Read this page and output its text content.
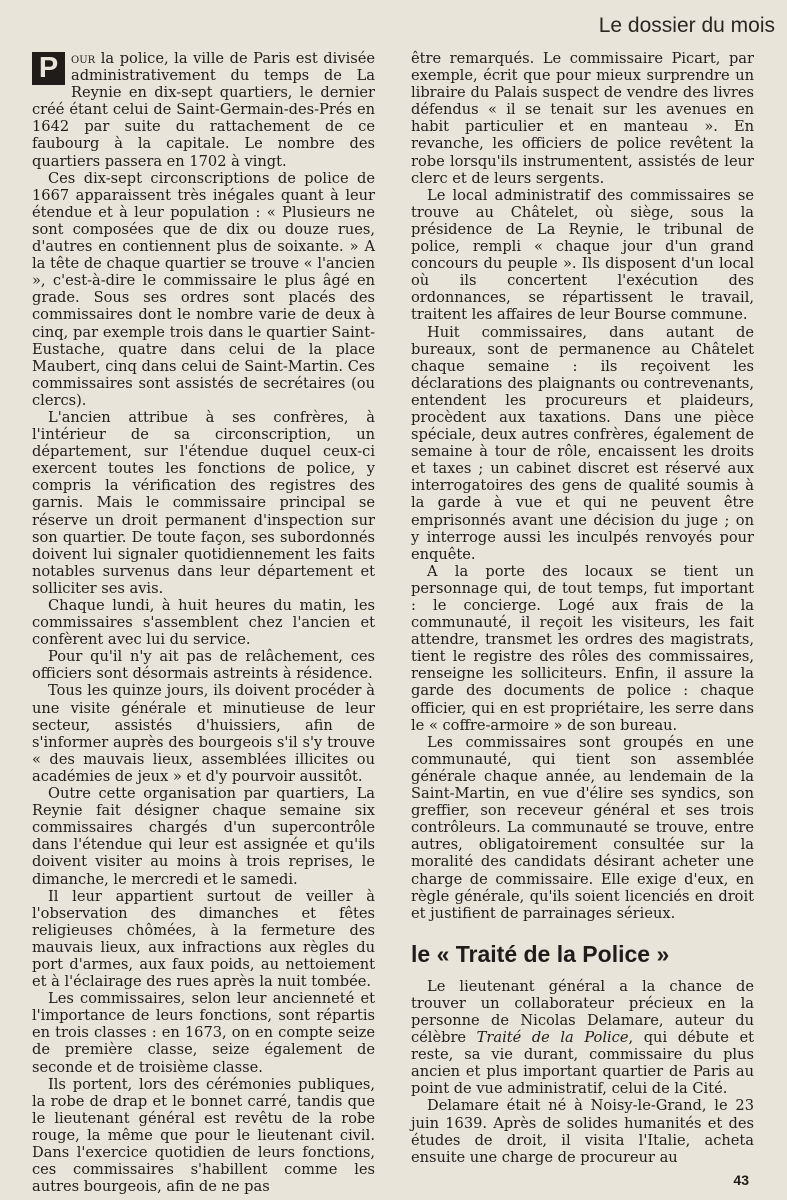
Le dossier du mois

P our la police, la ville de Paris est divisée administrativement du temps de La Reynie en dix-sept quartiers, le dernier créé étant celui de Saint-Germain-des-Prés en 1642 par suite du rattachement de ce faubourg à la capitale. Le nombre des quartiers passera en 1702 à vingt.

Ces dix-sept circonscriptions de police de 1667 apparaissent très inégales quant à leur étendue et à leur population : « Plusieurs ne sont composées que de dix ou douze rues, d'autres en contiennent plus de soixante. » A la tête de chaque quartier se trouve « l'ancien », c'est-à-dire le commissaire le plus âgé en grade. Sous ses ordres sont placés des commissaires dont le nombre varie de deux à cinq, par exemple trois dans le quartier Saint-Eustache, quatre dans celui de la place Maubert, cinq dans celui de Saint-Martin. Ces commissaires sont assistés de secrétaires (ou clercs).

L'ancien attribue à ses confrères, à l'intérieur de sa circonscription, un département, sur l'étendue duquel ceux-ci exercent toutes les fonctions de police, y compris la vérification des registres des garnis. Mais le commissaire principal se réserve un droit permanent d'inspection sur son quartier. De toute façon, ses subordonnés doivent lui signaler quotidiennement les faits notables survenus dans leur département et solliciter ses avis.

Chaque lundi, à huit heures du matin, les commissaires s'assemblent chez l'ancien et confèrent avec lui du service.

Pour qu'il n'y ait pas de relâchement, ces officiers sont désormais astreints à résidence.

Tous les quinze jours, ils doivent procéder à une visite générale et minutieuse de leur secteur, assistés d'huissiers, afin de s'informer auprès des bourgeois s'il s'y trouve « des mauvais lieux, assemblées illicites ou académies de jeux » et d'y pourvoir aussitôt.

Outre cette organisation par quartiers, La Reynie fait désigner chaque semaine six commissaires chargés d'un supercontrôle dans l'étendue qui leur est assignée et qu'ils doivent visiter au moins à trois reprises, le dimanche, le mercredi et le samedi.

Il leur appartient surtout de veiller à l'observation des dimanches et fêtes religieuses chômées, à la fermeture des mauvais lieux, aux infractions aux règles du port d'armes, aux faux poids, au nettoiement et à l'éclairage des rues après la nuit tombée.

Les commissaires, selon leur ancienneté et l'importance de leurs fonctions, sont répartis en trois classes : en 1673, on en compte seize de première classe, seize également de seconde et de troisième classe.

Ils portent, lors des cérémonies publiques, la robe de drap et le bonnet carré, tandis que le lieutenant général est revêtu de la robe rouge, la même que pour le lieutenant civil. Dans l'exercice quotidien de leurs fonctions, ces commissaires s'habillent comme les autres bourgeois, afin de ne pas

être remarqués. Le commissaire Picart, par exemple, écrit que pour mieux surprendre un libraire du Palais suspect de vendre des livres défendus « il se tenait sur les avenues en habit particulier et en manteau ». En revanche, les officiers de police revêtent la robe lorsqu'ils instrumentent, assistés de leur clerc et de leurs sergents.

Le local administratif des commissaires se trouve au Châtelet, où siège, sous la présidence de La Reynie, le tribunal de police, rempli « chaque jour d'un grand concours du peuple ». Ils disposent d'un local où ils concertent l'exécution des ordonnances, se répartissent le travail, traitent les affaires de leur Bourse commune.

Huit commissaires, dans autant de bureaux, sont de permanence au Châtelet chaque semaine : ils reçoivent les déclarations des plaignants ou contrevenants, entendent les procureurs et plaideurs, procèdent aux taxations. Dans une pièce spéciale, deux autres confrères, également de semaine à tour de rôle, encaissent les droits et taxes ; un cabinet discret est réservé aux interrogatoires des gens de qualité soumis à la garde à vue et qui ne peuvent être emprisonnés avant une décision du juge ; on y interroge aussi les inculpés renvoyés pour enquête.

A la porte des locaux se tient un personnage qui, de tout temps, fut important : le concierge. Logé aux frais de la communauté, il reçoit les visiteurs, les fait attendre, transmet les ordres des magistrats, tient le registre des rôles des commissaires, renseigne les solliciteurs. Enfin, il assure la garde des documents de police : chaque officier, qui en est propriétaire, les serre dans le « coffre-armoire » de son bureau.

Les commissaires sont groupés en une communauté, qui tient son assemblée générale chaque année, au lendemain de la Saint-Martin, en vue d'élire ses syndics, son greffier, son receveur général et ses trois contrôleurs. La communauté se trouve, entre autres, obligatoirement consultée sur la moralité des candidats désirant acheter une charge de commissaire. Elle exige d'eux, en règle générale, qu'ils soient licenciés en droit et justifient de parrainages sérieux.

le « Traité de la Police »

Le lieutenant général a la chance de trouver un collaborateur précieux en la personne de Nicolas Delamare, auteur du célèbre Traité de la Police, qui débute et reste, sa vie durant, commissaire du plus ancien et plus important quartier de Paris au point de vue administratif, celui de la Cité.

Delamare était né à Noisy-le-Grand, le 23 juin 1639. Après de solides humanités et des études de droit, il visita l'Italie, acheta ensuite une charge de procureur au

43
